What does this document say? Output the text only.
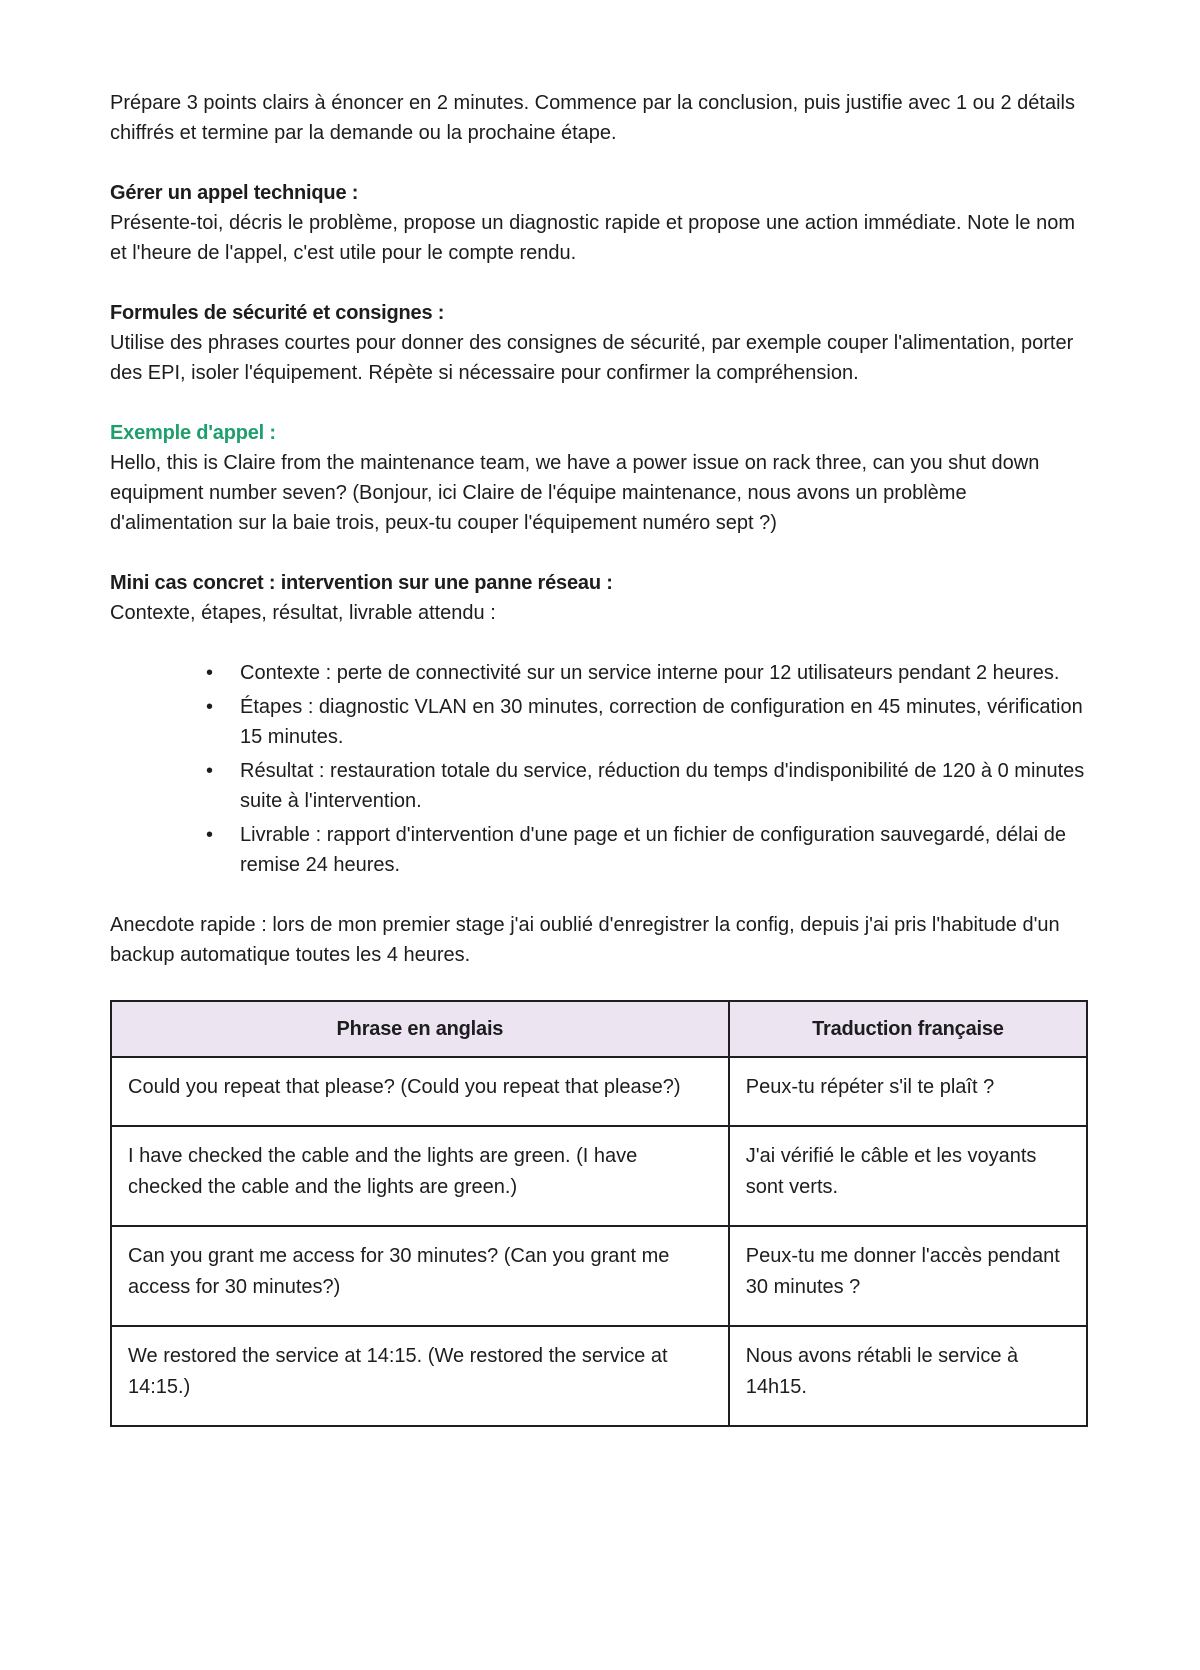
Prépare 3 points clairs à énoncer en 2 minutes. Commence par la conclusion, puis justifie avec 1 ou 2 détails chiffrés et termine par la demande ou la prochaine étape.

Gérer un appel technique :

Présente-toi, décris le problème, propose un diagnostic rapide et propose une action immédiate. Note le nom et l'heure de l'appel, c'est utile pour le compte rendu.

Formules de sécurité et consignes :

Utilise des phrases courtes pour donner des consignes de sécurité, par exemple couper l'alimentation, porter des EPI, isoler l'équipement. Répète si nécessaire pour confirmer la compréhension.

Exemple d'appel :

Hello, this is Claire from the maintenance team, we have a power issue on rack three, can you shut down equipment number seven? (Bonjour, ici Claire de l'équipe maintenance, nous avons un problème d'alimentation sur la baie trois, peux-tu couper l'équipement numéro sept ?)

Mini cas concret : intervention sur une panne réseau :

Contexte, étapes, résultat, livrable attendu :

• Contexte : perte de connectivité sur un service interne pour 12 utilisateurs pendant 2 heures.
• Étapes : diagnostic VLAN en 30 minutes, correction de configuration en 45 minutes, vérification 15 minutes.
• Résultat : restauration totale du service, réduction du temps d'indisponibilité de 120 à 0 minutes suite à l'intervention.
• Livrable : rapport d'intervention d'une page et un fichier de configuration sauvegardé, délai de remise 24 heures.

Anecdote rapide : lors de mon premier stage j'ai oublié d'enregistrer la config, depuis j'ai pris l'habitude d'un backup automatique toutes les 4 heures.

Phrase en anglais	Traduction française
Could you repeat that please? (Could you repeat that please?)	Peux-tu répéter s'il te plaît ?
I have checked the cable and the lights are green. (I have checked the cable and the lights are green.)	J'ai vérifié le câble et les voyants sont verts.
Can you grant me access for 30 minutes? (Can you grant me access for 30 minutes?)	Peux-tu me donner l'accès pendant 30 minutes ?
We restored the service at 14:15. (We restored the service at 14:15.)	Nous avons rétabli le service à 14h15.
